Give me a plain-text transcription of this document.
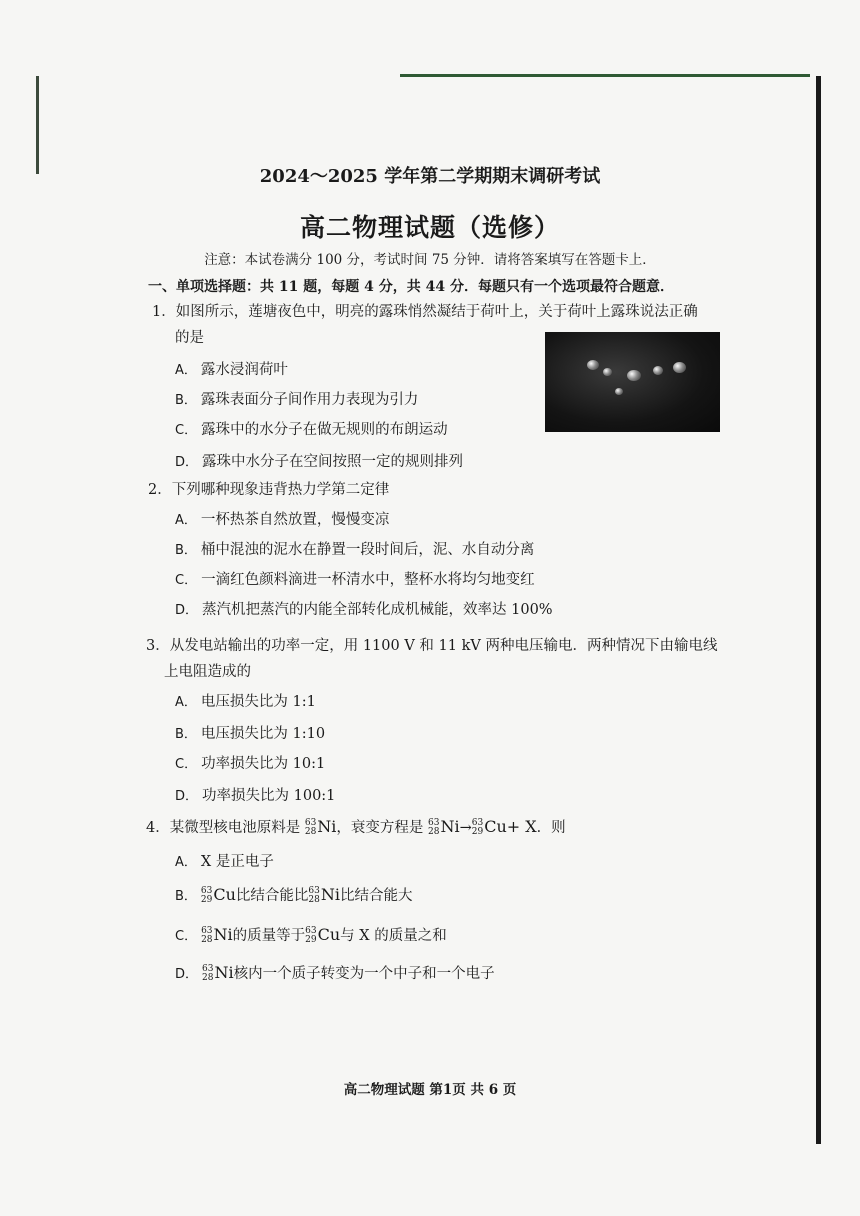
2024～2025 学年第二学期期末调研考试
高二物理试题（选修）
注意：本试卷满分 100 分，考试时间 75 分钟．请将答案填写在答题卡上．
一、单项选择题：共 11 题，每题 4 分，共 44 分．每题只有一个选项最符合题意．
1．如图所示，莲塘夜色中，明亮的露珠悄然凝结于荷叶上，关于荷叶上露珠说法正确
的是
A． 露水浸润荷叶
B． 露珠表面分子间作用力表现为引力
C． 露珠中的水分子在做无规则的布朗运动
D． 露珠中水分子在空间按照一定的规则排列
2．下列哪种现象违背热力学第二定律
A． 一杯热茶自然放置，慢慢变凉
B． 桶中混浊的泥水在静置一段时间后，泥、水自动分离
C． 一滴红色颜料滴进一杯清水中，整杯水将均匀地变红
D． 蒸汽机把蒸汽的内能全部转化成机械能，效率达 100%
3．从发电站输出的功率一定，用 1100 V 和 11 kV 两种电压输电．两种情况下由输电线
上电阻造成的
A． 电压损失比为 1:1
B． 电压损失比为 1:10
C． 功率损失比为 10:1
D． 功率损失比为 100:1
4．某微型核电池原料是 63
28 Ni，衰变方程是 63
28 Ni→ 63
29 Cu+ X．则
A． X 是正电子
B． 63
29 Cu比结合能比 63
28 Ni比结合能大
C． 63
28 Ni的质量等于 63
29 Cu与 X 的质量之和
D． 63
28 Ni核内一个质子转变为一个中子和一个电子
高二物理试题 第1页 共 6 页
